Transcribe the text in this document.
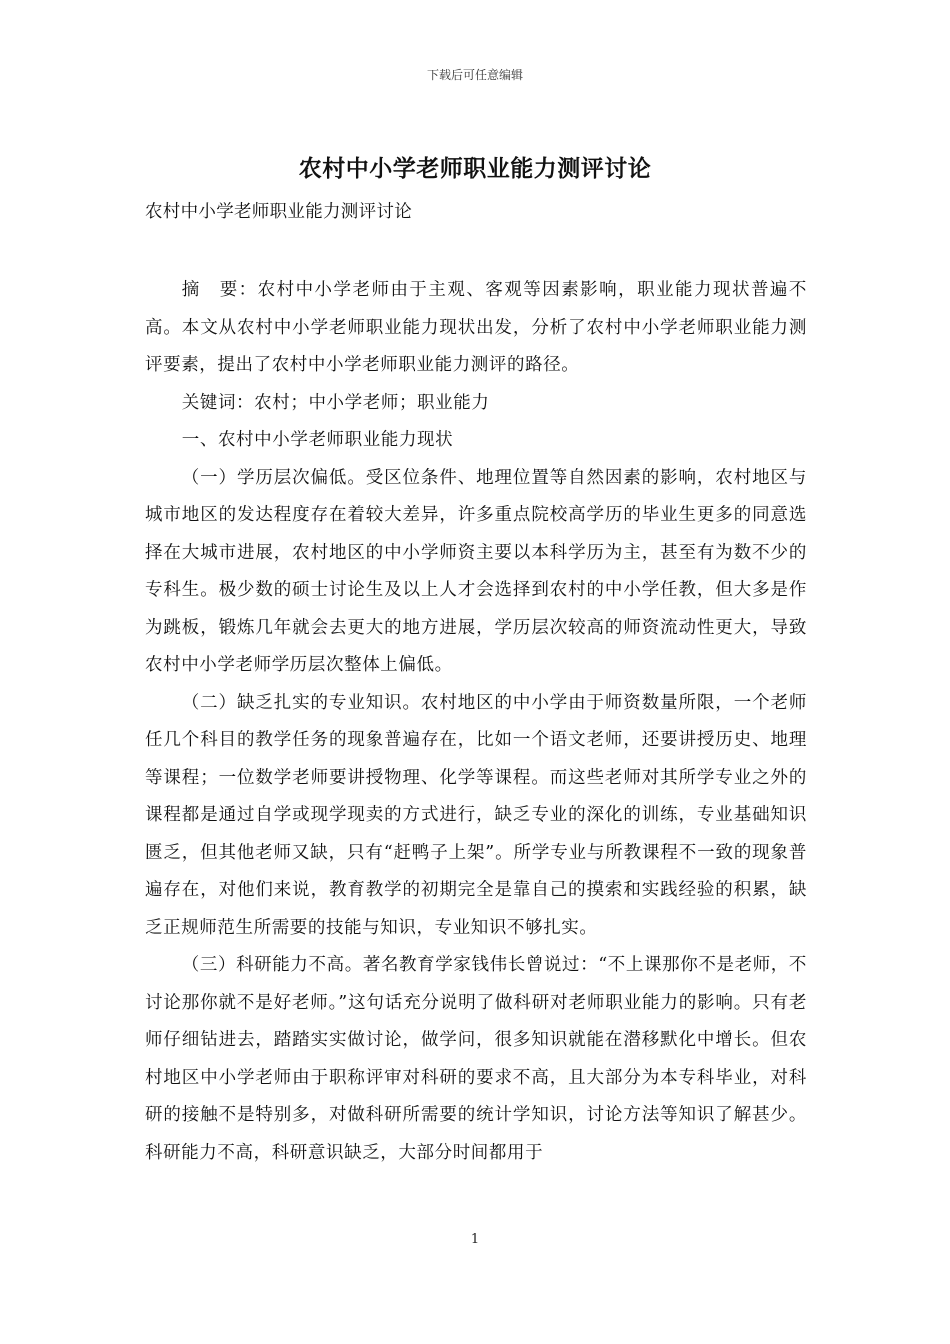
下载后可任意编辑
农村中小学老师职业能力测评讨论

农村中小学老师职业能力测评讨论

摘　要：农村中小学老师由于主观、客观等因素影响，职业能力现状普遍不高。本文从农村中小学老师职业能力现状出发，分析了农村中小学老师职业能力测评要素，提出了农村中小学老师职业能力测评的路径。

关键词：农村；中小学老师；职业能力

一、农村中小学老师职业能力现状

（一）学历层次偏低。受区位条件、地理位置等自然因素的影响，农村地区与城市地区的发达程度存在着较大差异，许多重点院校高学历的毕业生更多的同意选择在大城市进展，农村地区的中小学师资主要以本科学历为主，甚至有为数不少的专科生。极少数的硕士讨论生及以上人才会选择到农村的中小学任教，但大多是作为跳板，锻炼几年就会去更大的地方进展，学历层次较高的师资流动性更大，导致农村中小学老师学历层次整体上偏低。

（二）缺乏扎实的专业知识。农村地区的中小学由于师资数量所限，一个老师任几个科目的教学任务的现象普遍存在，比如一个语文老师，还要讲授历史、地理等课程；一位数学老师要讲授物理、化学等课程。而这些老师对其所学专业之外的课程都是通过自学或现学现卖的方式进行，缺乏专业的深化的训练，专业基础知识匮乏，但其他老师又缺，只有“赶鸭子上架”。所学专业与所教课程不一致的现象普遍存在，对他们来说，教育教学的初期完全是靠自己的摸索和实践经验的积累，缺乏正规师范生所需要的技能与知识，专业知识不够扎实。

（三）科研能力不高。著名教育学家钱伟长曾说过：“不上课那你不是老师，不讨论那你就不是好老师。”这句话充分说明了做科研对老师职业能力的影响。只有老师仔细钻进去，踏踏实实做讨论，做学问，很多知识就能在潜移默化中增长。但农村地区中小学老师由于职称评审对科研的要求不高，且大部分为本专科毕业，对科研的接触不是特别多，对做科研所需要的统计学知识，讨论方法等知识了解甚少。科研能力不高，科研意识缺乏，大部分时间都用于

1
